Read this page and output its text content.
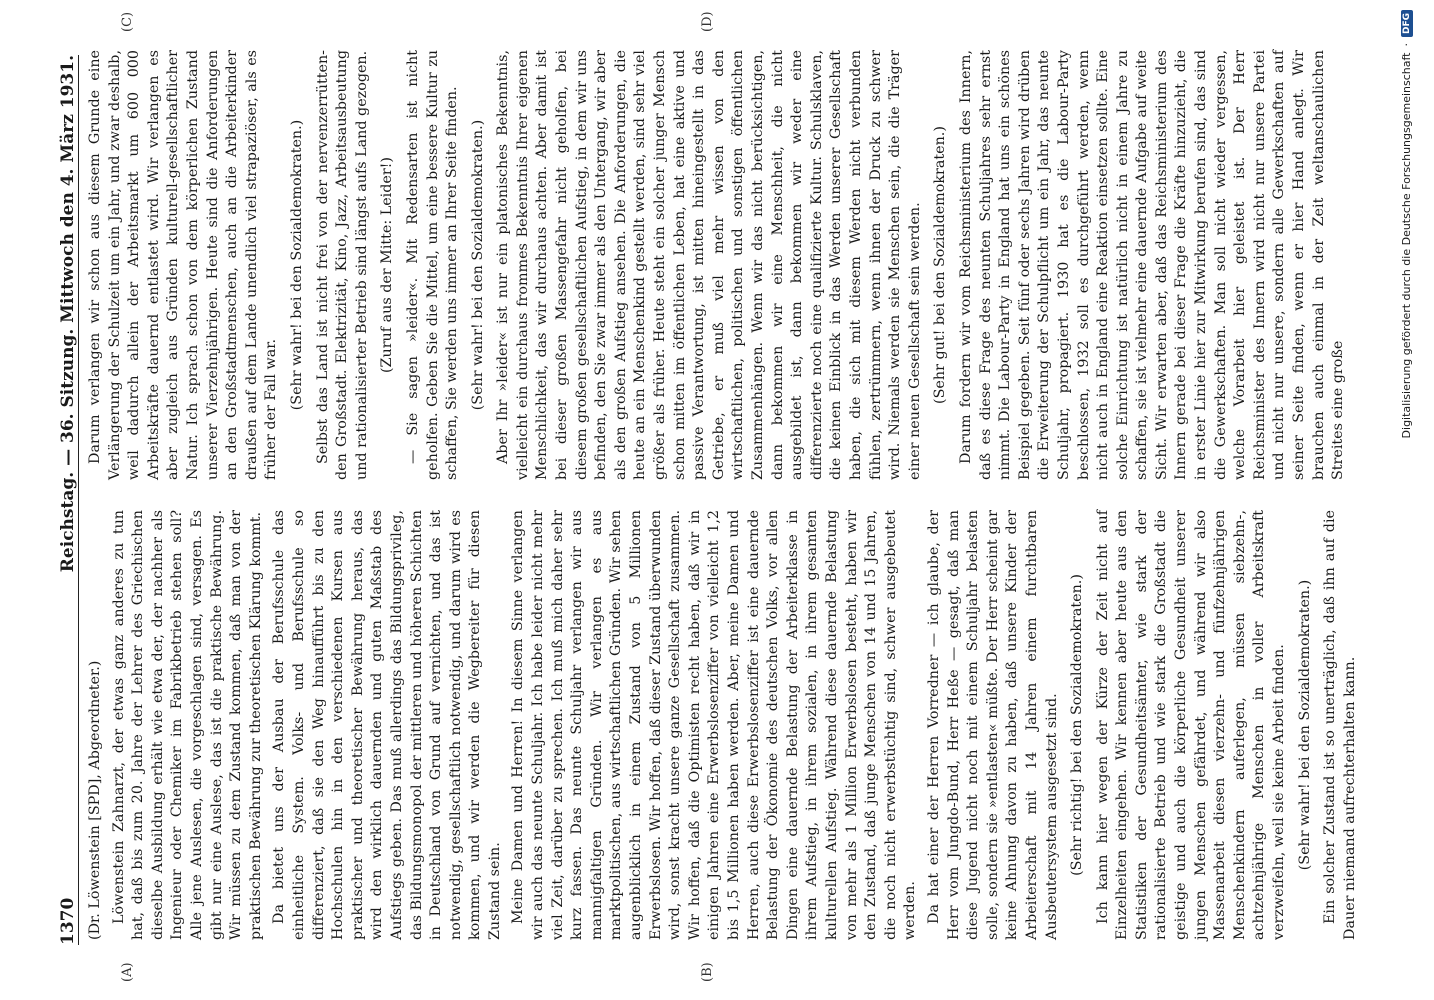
1370
Reichstag. — 36. Sitzung. Mittwoch den 4. März 1931.
(A)	(B)
(C)	(D)

(Dr. Löwenstein [SPD], Abgeordneter.) Löwenstein Zahnarzt, der etwas ganz anderes zu tun hat, daß bis zum 20. Jahre der Lehrer des Griechischen dieselbe Ausbildung erhält wie etwa der, der nachher als Ingenieur oder Chemiker im Fabrikbetrieb stehen soll? Alle jene Auslesen, die vorgeschlagen sind, versagen. Es gibt nur eine Auslese, das ist die praktische Bewährung. Wir müssen zu dem Zustand kommen, daß man von der praktischen Bewährung zur theoretischen Klärung kommt. Da bietet uns der Ausbau der Berufsschule das einheitliche System. Volks- und Berufsschule so differenziert, daß sie den Weg hinaufführt bis zu den Hochschulen hin in den verschiedenen Kursen aus praktischer und theoretischer Bewährung heraus, das wird den wirklich dauernden und guten Maßstab des Aufstiegs geben. Das muß allerdings das Bildungsprivileg, das Bildungsmonopol der mittleren und höheren Schichten in Deutschland von Grund auf vernichten, und das ist notwendig, gesellschaftlich notwendig, und darum wird es kommen, und wir werden die Wegbereiter für diesen Zustand sein. Meine Damen und Herren! In diesem Sinne verlangen wir auch das neunte Schuljahr. Ich habe leider nicht mehr viel Zeit, darüber zu sprechen. Ich muß mich daher sehr kurz fassen. Das neunte Schuljahr verlangen wir aus mannigfaltigen Gründen. Wir verlangen es aus marktpolitischen, aus wirtschaftlichen Gründen. Wir sehen augenblicklich in einem Zustand von 5 Millionen Erwerbslosen. Wir hoffen, daß dieser Zustand überwunden wird, sonst kracht unsere ganze Gesellschaft zusammen. Wir hoffen, daß die Optimisten recht haben, daß wir in einigen Jahren eine Erwerbslosenziffer von vielleicht 1,2 bis 1,5 Millionen haben werden. Aber, meine Damen und Herren, auch diese Erwerbslosenziffer ist eine dauernde Belastung der Ökonomie des deutschen Volks, vor allen Dingen eine dauernde Belastung der Arbeiterklasse in ihrem Aufstieg, in ihrem sozialen, in ihrem gesamten kulturellen Aufstieg. Während diese dauernde Belastung von mehr als 1 Million Erwerbslosen besteht, haben wir den Zustand, daß junge Menschen von 14 und 15 Jahren, die noch nicht erwerbstüchtig sind, schwer ausgebeutet werden. Da hat einer der Herren Vorredner — ich glaube, der Herr vom Jungdo-Bund, Herr Heße — gesagt, daß man diese Jugend nicht noch mit einem Schuljahr belasten solle, sondern sie »entlasten« müßte. Der Herr scheint gar keine Ahnung davon zu haben, daß unsere Kinder der Arbeiterschaft mit 14 Jahren einem furchtbaren Ausbeutersystem ausgesetzt sind. (Sehr richtig! bei den Sozialdemokraten.) Ich kann hier wegen der Kürze der Zeit nicht auf Einzelheiten eingehen. Wir kennen aber heute aus den Statistiken der Gesundheitsämter, wie stark der rationalisierte Betrieb und wie stark die Großstadt die geistige und auch die körperliche Gesundheit unserer jungen Menschen gefährdet, und während wir also Massenarbeit diesen vierzehn- und fünfzehnjährigen Menschenkindern auferlegen, müssen siebzehn-, achtzehnjährige Menschen in voller Arbeitskraft verzweifeln, weil sie keine Arbeit finden. (Sehr wahr! bei den Sozialdemokraten.) Ein solcher Zustand ist so unerträglich, daß ihn auf die Dauer niemand aufrechterhalten kann.

Darum verlangen wir schon aus diesem Grunde eine Verlängerung der Schulzeit um ein Jahr, und zwar deshalb, weil dadurch allein der Arbeitsmarkt um 600 000 Arbeitskräfte dauernd entlastet wird. Wir verlangen es aber zugleich aus Gründen kulturell-gesellschaftlicher Natur. Ich sprach schon von dem körperlichen Zustand unserer Vierzehnjährigen. Heute sind die Anforderungen an den Großstadtmenschen, auch an die Arbeiterkinder draußen auf dem Lande unendlich viel strapaziöser, als es früher der Fall war. (Sehr wahr! bei den Sozialdemokraten.) Selbst das Land ist nicht frei von der nervenzerrüttenden Großstadt. Elektrizität, Kino, Jazz, Arbeitsausbeutung und rationalisierter Betrieb sind längst aufs Land gezogen. (Zuruf aus der Mitte: Leider!) — Sie sagen »leider«. Mit Redensarten ist nicht geholfen. Geben Sie die Mittel, um eine bessere Kultur zu schaffen, Sie werden uns immer an Ihrer Seite finden. (Sehr wahr! bei den Sozialdemokraten.) Aber Ihr »leider« ist nur ein platonisches Bekenntnis, vielleicht ein durchaus frommes Bekenntnis Ihrer eigenen Menschlichkeit, das wir durchaus achten. Aber damit ist bei dieser großen Massengefahr nicht geholfen, bei diesem großen gesellschaftlichen Aufstieg, in dem wir uns befinden, den Sie zwar immer als den Untergang, wir aber als den großen Aufstieg ansehen. Die Anforderungen, die heute an ein Menschenkind gestellt werden, sind sehr viel größer als früher. Heute steht ein solcher junger Mensch schon mitten im öffentlichen Leben, hat eine aktive und passive Verantwortung, ist mitten hineingestellt in das Getriebe, er muß viel mehr wissen von den wirtschaftlichen, politischen und sonstigen öffentlichen Zusammenhängen. Wenn wir das nicht berücksichtigen, dann bekommen wir eine Menschheit, die nicht ausgebildet ist, dann bekommen wir weder eine differenzierte noch eine qualifizierte Kultur. Schulsklaven, die keinen Einblick in das Werden unserer Gesellschaft haben, die sich mit diesem Werden nicht verbunden fühlen, zertrümmern, wenn ihnen der Druck zu schwer wird. Niemals werden sie Menschen sein, die die Träger einer neuen Gesellschaft sein werden. (Sehr gut! bei den Sozialdemokraten.) Darum fordern wir vom Reichsministerium des Innern, daß es diese Frage des neunten Schuljahres sehr ernst nimmt. Die Labour-Party in England hat uns ein schönes Beispiel gegeben. Seit fünf oder sechs Jahren wird drüben die Erweiterung der Schulpflicht um ein Jahr, das neunte Schuljahr, propagiert. 1930 hat es die Labour-Party beschlossen, 1932 soll es durchgeführt werden, wenn nicht auch in England eine Reaktion einsetzen sollte. Eine solche Einrichtung ist natürlich nicht in einem Jahre zu schaffen, sie ist vielmehr eine dauernde Aufgabe auf weite Sicht. Wir erwarten aber, daß das Reichsministerium des Innern gerade bei dieser Frage die Kräfte hinzuzieht, die in erster Linie hier zur Mitwirkung berufen sind, das sind die Gewerkschaften. Man soll nicht wieder vergessen, welche Vorarbeit hier geleistet ist. Der Herr Reichsminister des Innern wird nicht nur unsere Partei und nicht nur unsere, sondern alle Gewerkschaften auf seiner Seite finden, wenn er hier Hand anlegt. Wir brauchen auch einmal in der Zeit weltanschaulichen Streites eine große	Digitalisierung gefördert durch die Deutsche Forschungsgemeinschaft
·
DFG
